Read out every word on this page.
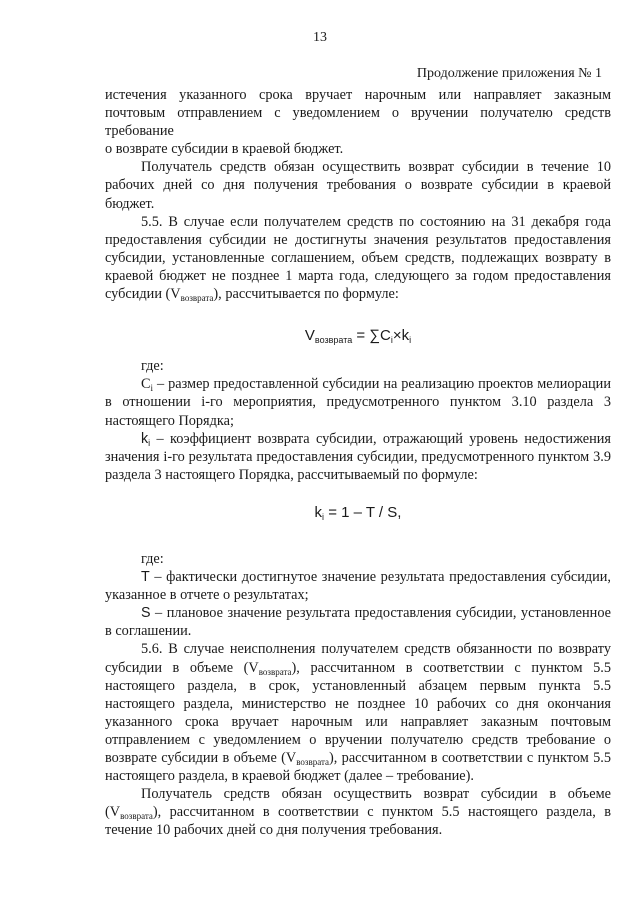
13
Продолжение приложения № 1

истечения указанного срока вручает нарочным или направляет заказным почтовым отправлением с уведомлением о вручении получателю средств требование

о возврате субсидии в краевой бюджет.

Получатель средств обязан осуществить возврат субсидии в течение 10 рабочих дней со дня получения требования о возврате субсидии в краевой бюджет.

5.5. В случае если получателем средств по состоянию на 31 декабря года предоставления субсидии не достигнуты значения результатов предоставления субсидии, установленные соглашением, объем средств, подлежащих возврату в краевой бюджет не позднее 1 марта года, следующего за годом предоставления субсидии $(V_{возврата})$, рассчитывается по формуле:

$V_{возврата} = \sum C_i\times k_i$

где:

$C_i$ – размер предоставленной субсидии на реализацию проектов мелиорации в отношении i-го мероприятия, предусмотренного пунктом 3.10 раздела 3 настоящего Порядка;

$k_i$ – коэффициент возврата субсидии, отражающий уровень недостижения значения i-го результата предоставления субсидии, предусмотренного пунктом 3.9 раздела 3 настоящего Порядка, рассчитываемый по формуле:

$k_i = 1 - T / S$,

где:

T – фактически достигнутое значение результата предоставления субсидии, указанное в отчете о результатах;

S – плановое значение результата предоставления субсидии, установленное в соглашении.

5.6. В случае неисполнения получателем средств обязанности по возврату субсидии в объеме $(V_{возврата})$, рассчитанном в соответствии с пунктом 5.5 настоящего раздела, в срок, установленный абзацем первым пункта 5.5 настоящего раздела, министерство не позднее 10 рабочих со дня окончания указанного срока вручает нарочным или направляет заказным почтовым отправлением с уведомлением о вручении получателю средств требование о возврате субсидии в объеме $(V_{возврата})$, рассчитанном в соответствии с пунктом 5.5 настоящего раздела, в краевой бюджет (далее – требование).

Получатель средств обязан осуществить возврат субсидии в объеме $(V_{возврата})$, рассчитанном в соответствии с пунктом 5.5 настоящего раздела, в течение 10 рабочих дней со дня получения требования.
